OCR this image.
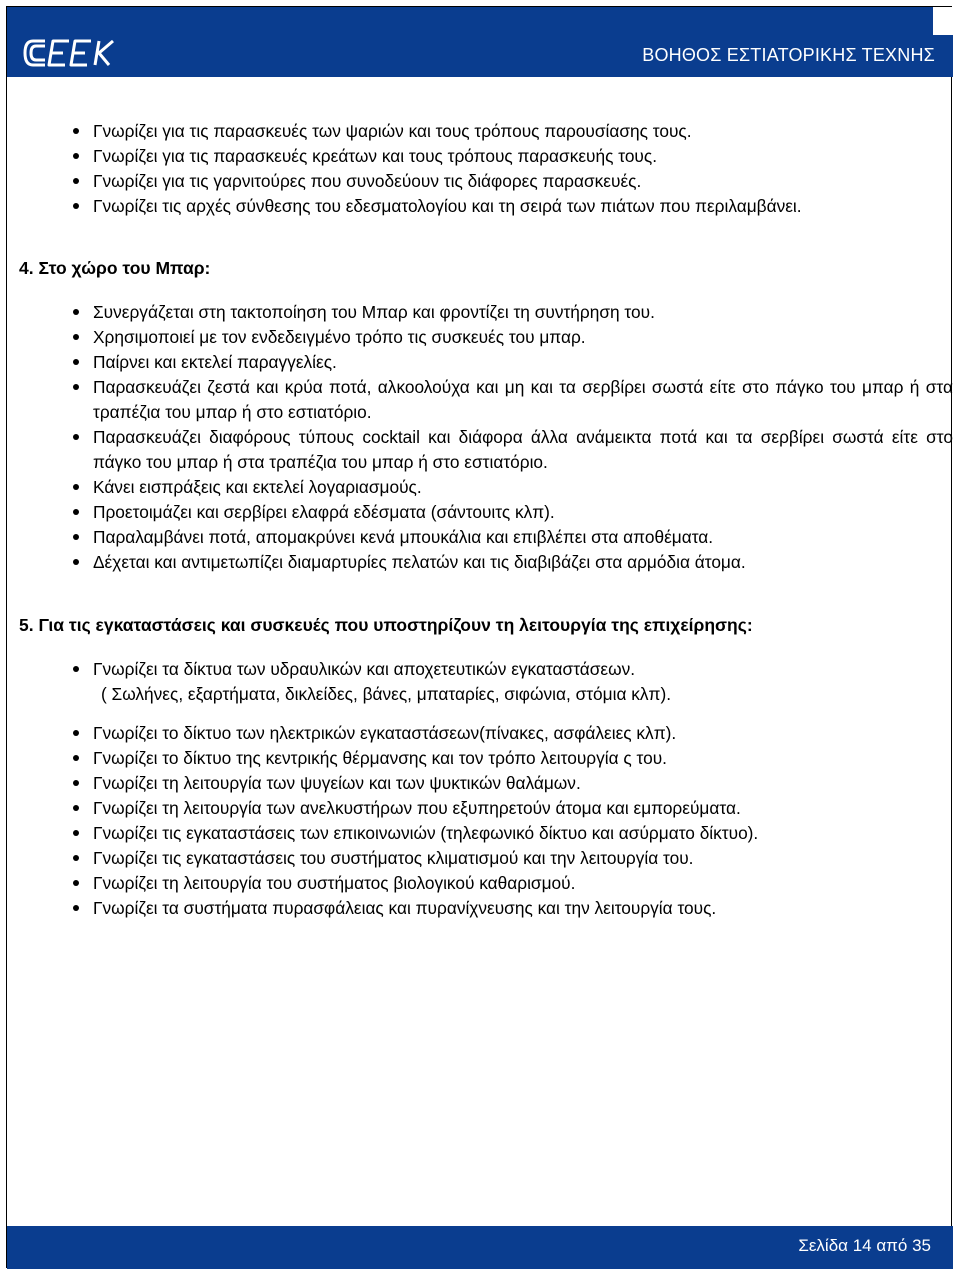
ΒΟΗΘΟΣ ΕΣΤΙΑΤΟΡΙΚΗΣ ΤΕΧΝΗΣ
Γνωρίζει για τις παρασκευές των ψαριών και τους τρόπους παρουσίασης τους.
Γνωρίζει για τις παρασκευές κρεάτων και τους τρόπους παρασκευής τους.
Γνωρίζει για τις γαρνιτούρες που συνοδεύουν τις διάφορες παρασκευές.
Γνωρίζει τις αρχές σύνθεσης του εδεσματολογίου και τη σειρά των πιάτων που περιλαμβάνει.
4. Στο χώρο του Μπαρ:
Συνεργάζεται στη τακτοποίηση του Μπαρ και φροντίζει τη συντήρηση του.
Χρησιμοποιεί με τον ενδεδειγμένο τρόπο τις συσκευές του μπαρ.
Παίρνει και εκτελεί παραγγελίες.
Παρασκευάζει ζεστά και κρύα ποτά, αλκοολούχα και μη και τα σερβίρει σωστά είτε στο πάγκο του μπαρ ή στα τραπέζια του μπαρ ή στο εστιατόριο.
Παρασκευάζει διαφόρους τύπους cocktail και διάφορα άλλα ανάμεικτα ποτά και τα σερβίρει σωστά είτε στο πάγκο του μπαρ ή στα τραπέζια του μπαρ ή στο εστιατόριο.
Κάνει εισπράξεις και εκτελεί λογαριασμούς.
Προετοιμάζει και σερβίρει ελαφρά εδέσματα (σάντουιτς κλπ).
Παραλαμβάνει ποτά, απομακρύνει κενά μπουκάλια και επιβλέπει στα αποθέματα.
Δέχεται και αντιμετωπίζει διαμαρτυρίες πελατών και τις διαβιβάζει στα αρμόδια άτομα.
5. Για τις εγκαταστάσεις και συσκευές που υποστηρίζουν τη λειτουργία της επιχείρησης:
Γνωρίζει τα δίκτυα των υδραυλικών και αποχετευτικών εγκαταστάσεων.
( Σωλήνες, εξαρτήματα, δικλείδες, βάνες, μπαταρίες, σιφώνια, στόμια κλπ).
Γνωρίζει το δίκτυο των ηλεκτρικών εγκαταστάσεων(πίνακες, ασφάλειες κλπ).
Γνωρίζει το δίκτυο της κεντρικής θέρμανσης και τον τρόπο λειτουργία ς του.
Γνωρίζει τη λειτουργία των ψυγείων και των ψυκτικών θαλάμων.
Γνωρίζει τη λειτουργία των ανελκυστήρων που εξυπηρετούν άτομα και εμπορεύματα.
Γνωρίζει τις εγκαταστάσεις των επικοινωνιών (τηλεφωνικό δίκτυο και ασύρματο δίκτυο).
Γνωρίζει τις εγκαταστάσεις του συστήματος κλιματισμού και την λειτουργία του.
Γνωρίζει τη λειτουργία του συστήματος βιολογικού καθαρισμού.
Γνωρίζει τα συστήματα πυρασφάλειας και πυρανίχνευσης και την λειτουργία τους.
Σελίδα 14 από 35
